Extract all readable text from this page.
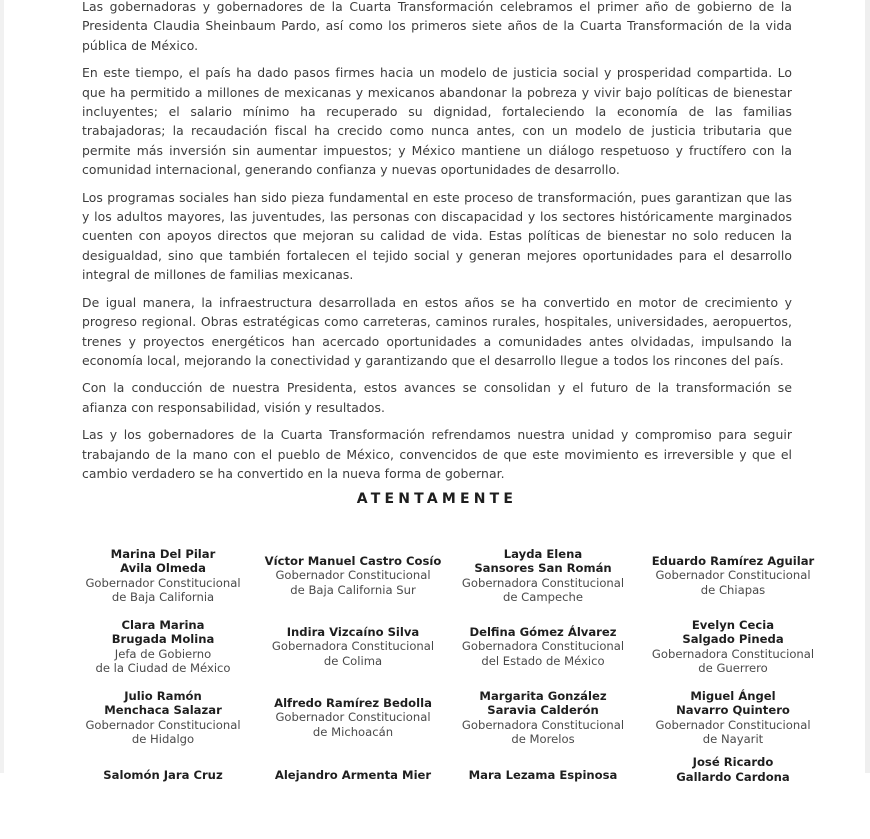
Las gobernadoras y gobernadores de la Cuarta Transformación celebramos el primer año de gobierno de la Presidenta Claudia Sheinbaum Pardo, así como los primeros siete años de la Cuarta Transformación de la vida pública de México.

En este tiempo, el país ha dado pasos firmes hacia un modelo de justicia social y prosperidad compartida. Lo que ha permitido a millones de mexicanas y mexicanos abandonar la pobreza y vivir bajo políticas de bienestar incluyentes; el salario mínimo ha recuperado su dignidad, fortaleciendo la economía de las familias trabajadoras; la recaudación fiscal ha crecido como nunca antes, con un modelo de justicia tributaria que permite más inversión sin aumentar impuestos; y México mantiene un diálogo respetuoso y fructífero con la comunidad internacional, generando confianza y nuevas oportunidades de desarrollo.

Los programas sociales han sido pieza fundamental en este proceso de transformación, pues garantizan que las y los adultos mayores, las juventudes, las personas con discapacidad y los sectores históricamente marginados cuenten con apoyos directos que mejoran su calidad de vida. Estas políticas de bienestar no solo reducen la desigualdad, sino que también fortalecen el tejido social y generan mejores oportunidades para el desarrollo integral de millones de familias mexicanas.

De igual manera, la infraestructura desarrollada en estos años se ha convertido en motor de crecimiento y progreso regional. Obras estratégicas como carreteras, caminos rurales, hospitales, universidades, aeropuertos, trenes y proyectos energéticos han acercado oportunidades a comunidades antes olvidadas, impulsando la economía local, mejorando la conectividad y garantizando que el desarrollo llegue a todos los rincones del país.

Con la conducción de nuestra Presidenta, estos avances se consolidan y el futuro de la transformación se afianza con responsabilidad, visión y resultados.

Las y los gobernadores de la Cuarta Transformación refrendamos nuestra unidad y compromiso para seguir trabajando de la mano con el pueblo de México, convencidos de que este movimiento es irreversible y que el cambio verdadero se ha convertido en la nueva forma de gobernar.

ATENTAMENTE
Marina Del Pilar
Avila Olmeda
Gobernador Constitucional
de Baja California
Víctor Manuel Castro Cosío
Gobernador Constitucional
de Baja California Sur
Layda Elena
Sansores San Román
Gobernadora Constitucional
de Campeche
Eduardo Ramírez Aguilar
Gobernador Constitucional
de Chiapas
Clara Marina
Brugada Molina
Jefa de Gobierno
de la Ciudad de México
Indira Vizcaíno Silva
Gobernadora Constitucional
de Colima
Delfina Gómez Álvarez
Gobernadora Constitucional
del Estado de México
Evelyn Cecia
Salgado Pineda
Gobernadora Constitucional
de Guerrero
Julio Ramón
Menchaca Salazar
Gobernador Constitucional
de Hidalgo
Alfredo Ramírez Bedolla
Gobernador Constitucional
de Michoacán
Margarita González
Saravia Calderón
Gobernadora Constitucional
de Morelos
Miguel Ángel
Navarro Quintero
Gobernador Constitucional
de Nayarit
Salomón Jara Cruz	Alejandro Armenta Mier	Mara Lezama Espinosa
José Ricardo
Gallardo Cardona
